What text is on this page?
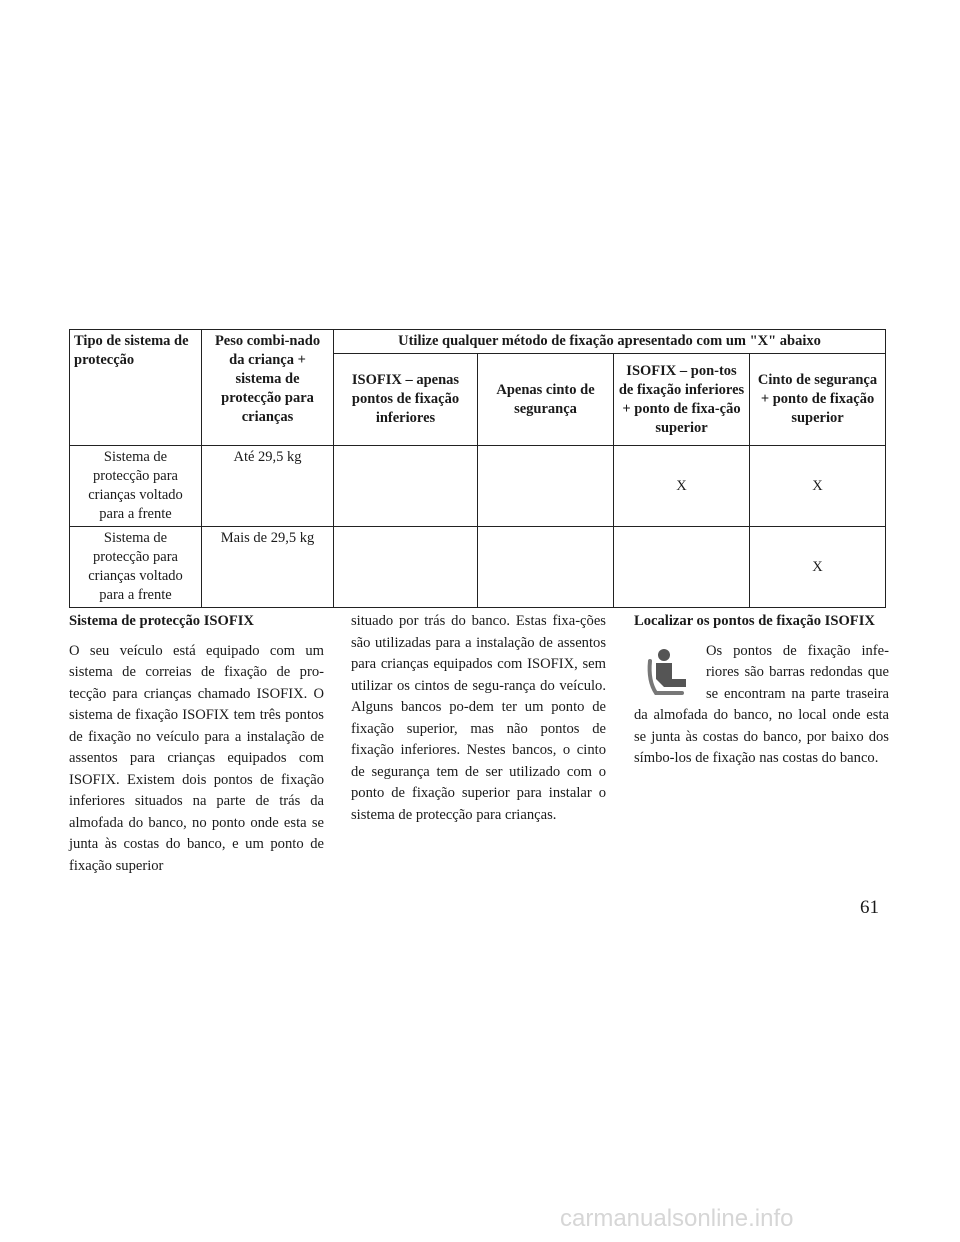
Tipo de sistema de protecção	Peso combi-nado da criança + sistema de protecção para crianças	Utilize qualquer método de fixação apresentado com um "X" abaixo			
		ISOFIX – apenas pontos de fixação inferiores	Apenas cinto de segurança	ISOFIX – pon-tos de fixação inferiores + ponto de fixa-ção superior	Cinto de segurança + ponto de fixação superior
Sistema de protecção para crianças voltado para a frente	Até 29,5 kg			X	X
Sistema de protecção para crianças voltado para a frente	Mais de 29,5 kg				X

Sistema de protecção ISOFIX

O seu veículo está equipado com um sistema de correias de fixação de pro-tecção para crianças chamado ISOFIX. O sistema de fixação ISOFIX tem três pontos de fixação no veículo para a instalação de assentos para crianças equipados com ISOFIX. Existem dois pontos de fixação inferiores situados na parte de trás da almofada do banco, no ponto onde esta se junta às costas do banco, e um ponto de fixação superior

situado por trás do banco. Estas fixa-ções são utilizadas para a instalação de assentos para crianças equipados com ISOFIX, sem utilizar os cintos de segu-rança do veículo. Alguns bancos po-dem ter um ponto de fixação superior, mas não pontos de fixação inferiores. Nestes bancos, o cinto de segurança tem de ser utilizado com o ponto de fixação superior para instalar o sistema de protecção para crianças.

Localizar os pontos de fixação ISOFIX

Os pontos de fixação infe-riores são barras redondas que se encontram na parte traseira da almofada do banco, no local onde esta se junta às costas do banco, por baixo dos símbo-los de fixação nas costas do banco.

61
carmanualsonline.info
